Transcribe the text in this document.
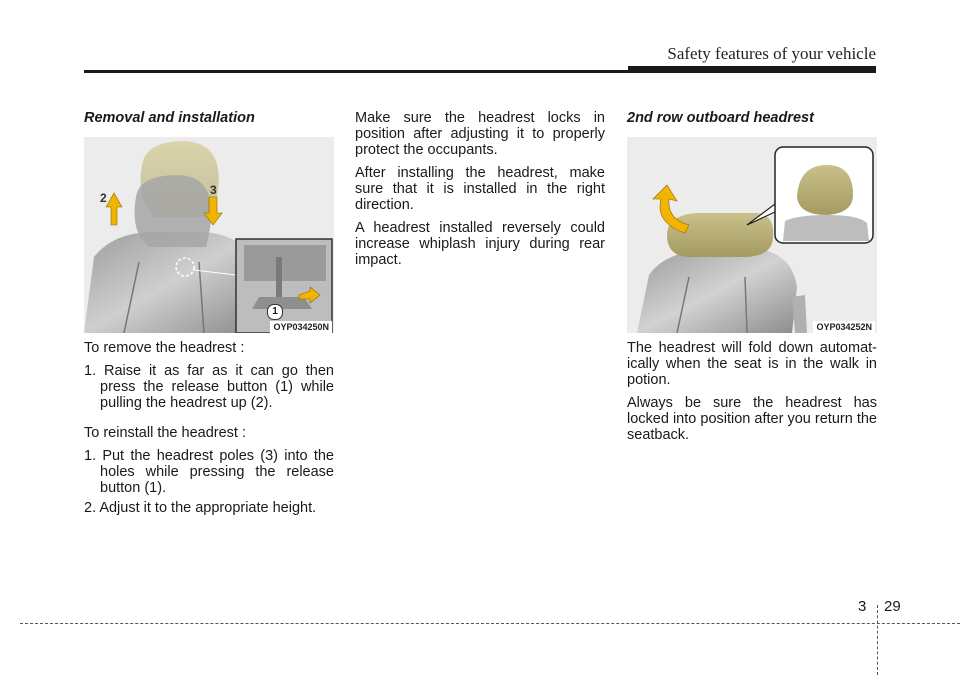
Safety features of your vehicle
Removal and installation
2
3
1
OYP034250N

To remove the headrest :

1. Raise it as far as it can go then press the release button (1) while pulling the headrest up (2).

To reinstall the headrest :

1. Put the headrest poles (3) into the holes while pressing the release button (1).
2. Adjust it to the appropriate height.

Make sure the headrest locks in position after adjusting it to properly protect the occupants.

After installing the headrest, make sure that it is installed in the right direction.

A headrest installed reversely could increase whiplash injury during rear impact.

2nd row outboard headrest
OYP034252N

The headrest will fold down automat-ically when the seat is in the walk in potion.

Always be sure the headrest has locked into position after you return the seatback.

3 29
